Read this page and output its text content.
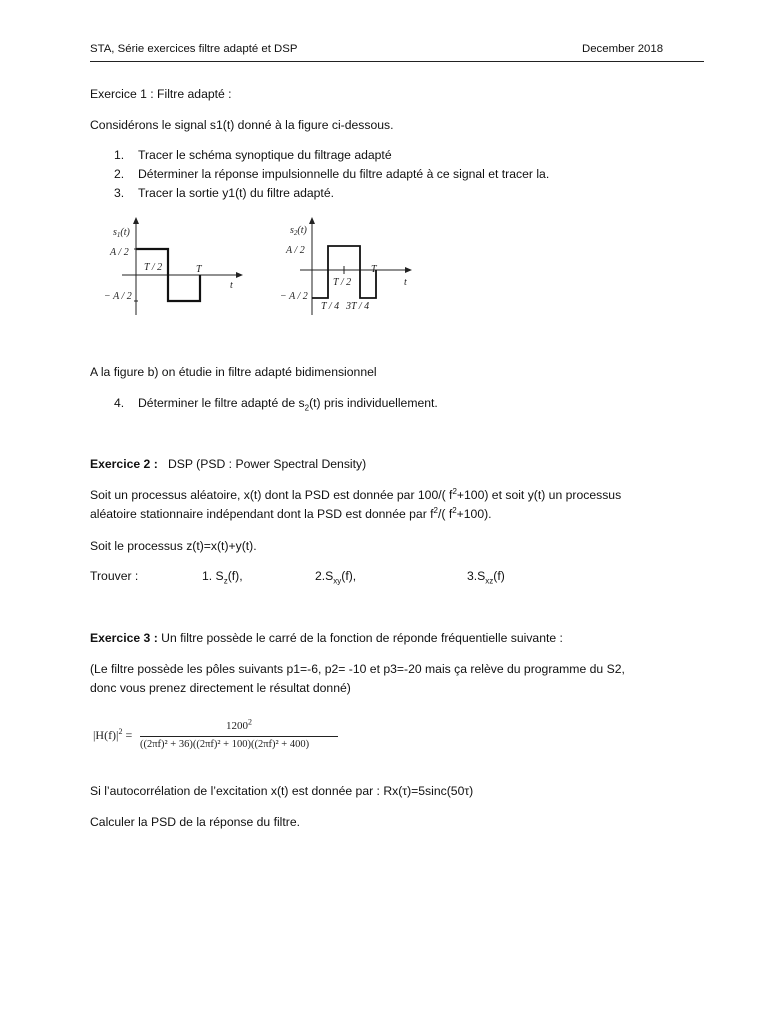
STA, Série exercices filtre adapté et DSP	December 2018
Exercice 1 : Filtre adapté :
Considérons le signal s1(t) donné à la figure ci-dessous.
1. Tracer le schéma synoptique du filtrage adapté
2. Déterminer la réponse impulsionnelle du filtre adapté à ce signal et tracer la.
3. Tracer la sortie y1(t) du filtre adapté.
$s_1(t)$
A / 2
T / 2	T
t
− A / 2
$s_2(t)$
A / 2
T / 2
T
t
− A / 2
T / 4 3T / 4
A la figure b) on étudie in filtre adapté bidimensionnel
4. Déterminer le filtre adapté de $s_2(t)$ pris individuellement.
Exercice 2 : DSP (PSD : Power Spectral Density)
Soit un processus aléatoire, x(t) dont la PSD est donnée par 100/( $f^2+100$) et soit y(t) un processus
aléatoire stationnaire indépendant dont la PSD est donnée par $f^2/$( $f^2+100$).
Soit le processus z(t)=x(t)+y(t).
Trouver :	1. $S_z(f)$,	$2.S_{xy}(f)$,	$3.S_{xz}(f)$
Exercice 3 : Un filtre possède le carré de la fonction de réponde fréquentielle suivante :
(Le filtre possède les pôles suivants p1=-6, p2= -10 et p3=-20 mais ça relève du programme du S2,
donc vous prenez directement le résultat donné)
$|H(f)|^2$ =
$1200^2$
((2πf)² + 36)((2πf)² + 100)((2πf)² + 400)
Si l’autocorrélation de l’excitation x(t) est donnée par : Rx(τ)=5sinc(50τ)
Calculer la PSD de la réponse du filtre.
